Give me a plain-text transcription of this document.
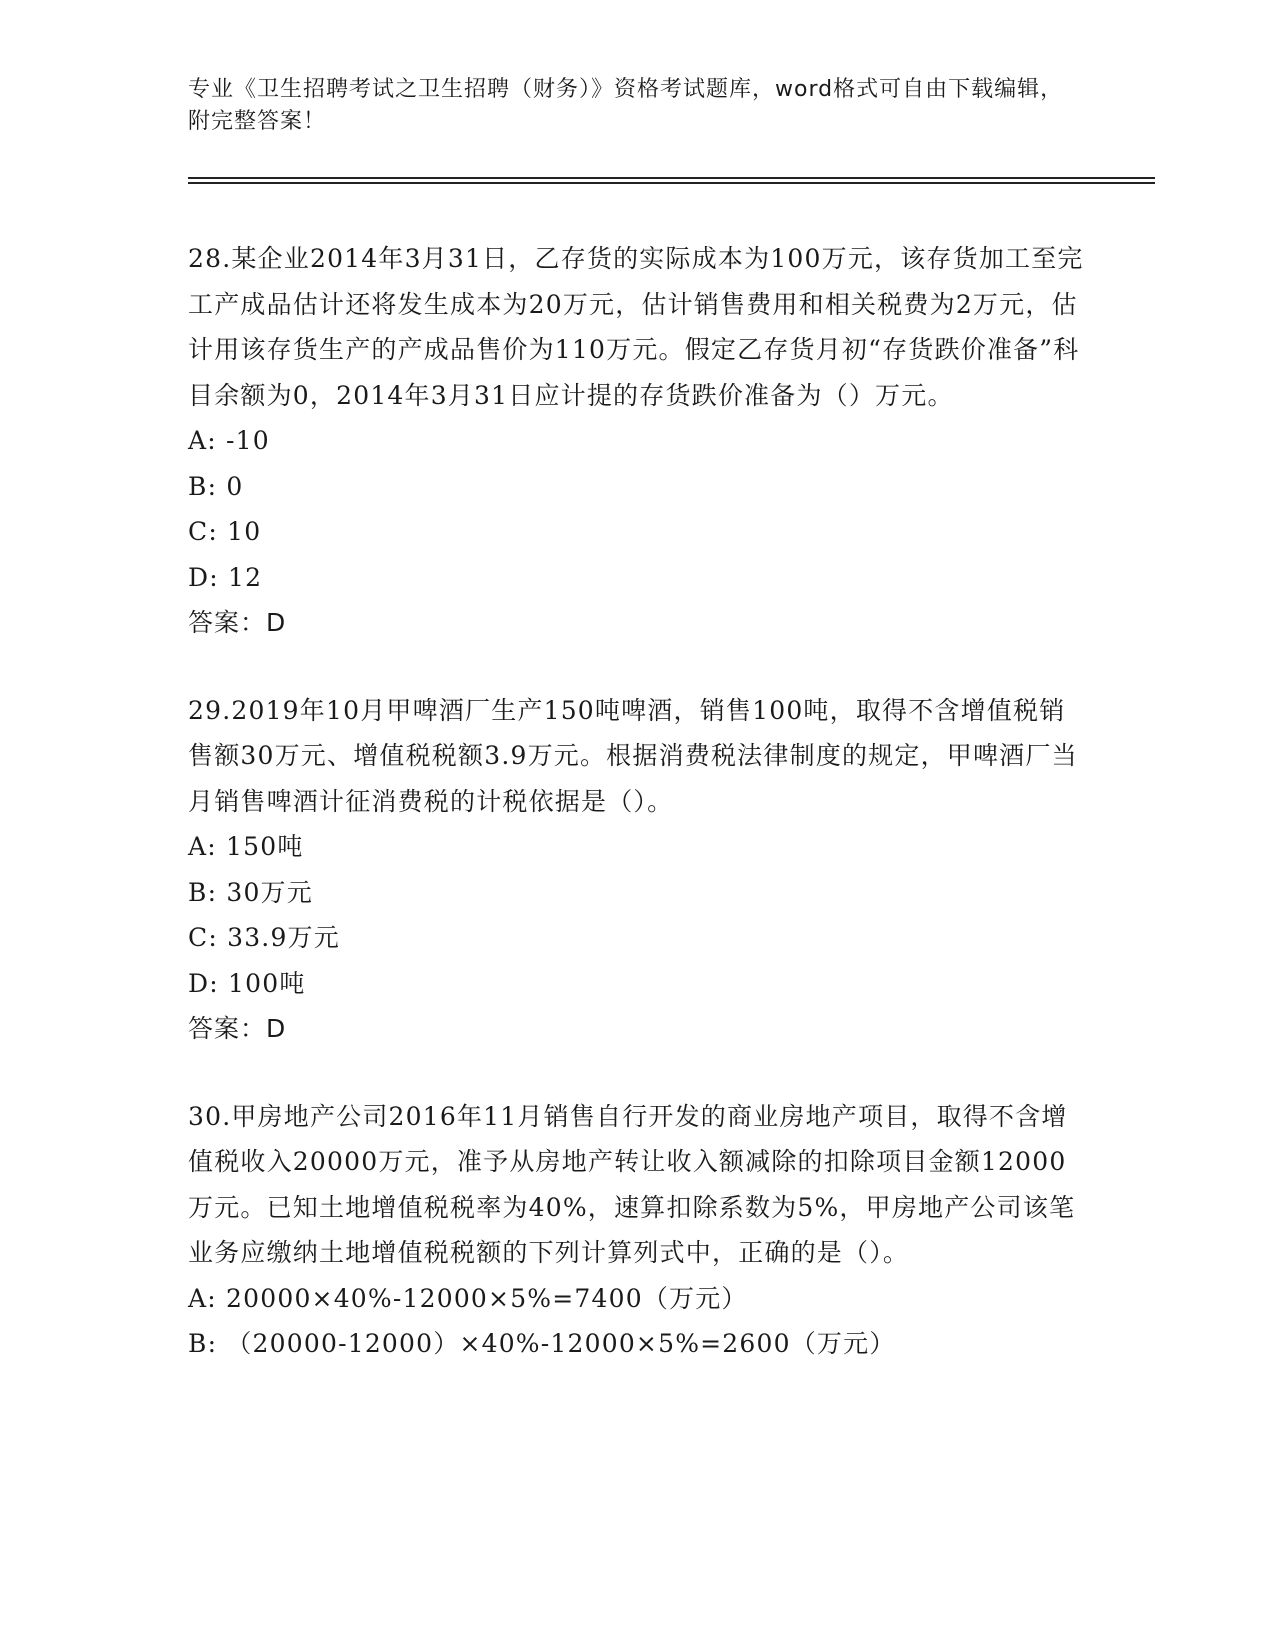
专业《卫生招聘考试之卫生招聘（财务）》资格考试题库，word格式可自由下载编辑，附完整答案！

28.某企业2014年3月31日，乙存货的实际成本为100万元，该存货加工至完工产成品估计还将发生成本为20万元，估计销售费用和相关税费为2万元，估计用该存货生产的产成品售价为110万元。假定乙存货月初“存货跌价准备”科目余额为0，2014年3月31日应计提的存货跌价准备为（）万元。

A: -10

B: 0

C: 10

D: 12

答案：D

29.2019年10月甲啤酒厂生产150吨啤酒，销售100吨，取得不含增值税销售额30万元、增值税税额3.9万元。根据消费税法律制度的规定，甲啤酒厂当月销售啤酒计征消费税的计税依据是（）。

A: 150吨

B: 30万元

C: 33.9万元

D: 100吨

答案：D

30.甲房地产公司2016年11月销售自行开发的商业房地产项目，取得不含增值税收入20000万元，准予从房地产转让收入额减除的扣除项目金额12000万元。已知土地增值税税率为40%，速算扣除系数为5%，甲房地产公司该笔业务应缴纳土地增值税税额的下列计算列式中，正确的是（）。

A: 20000×40%-12000×5%=7400（万元）

B: （20000-12000）×40%-12000×5%=2600（万元）
